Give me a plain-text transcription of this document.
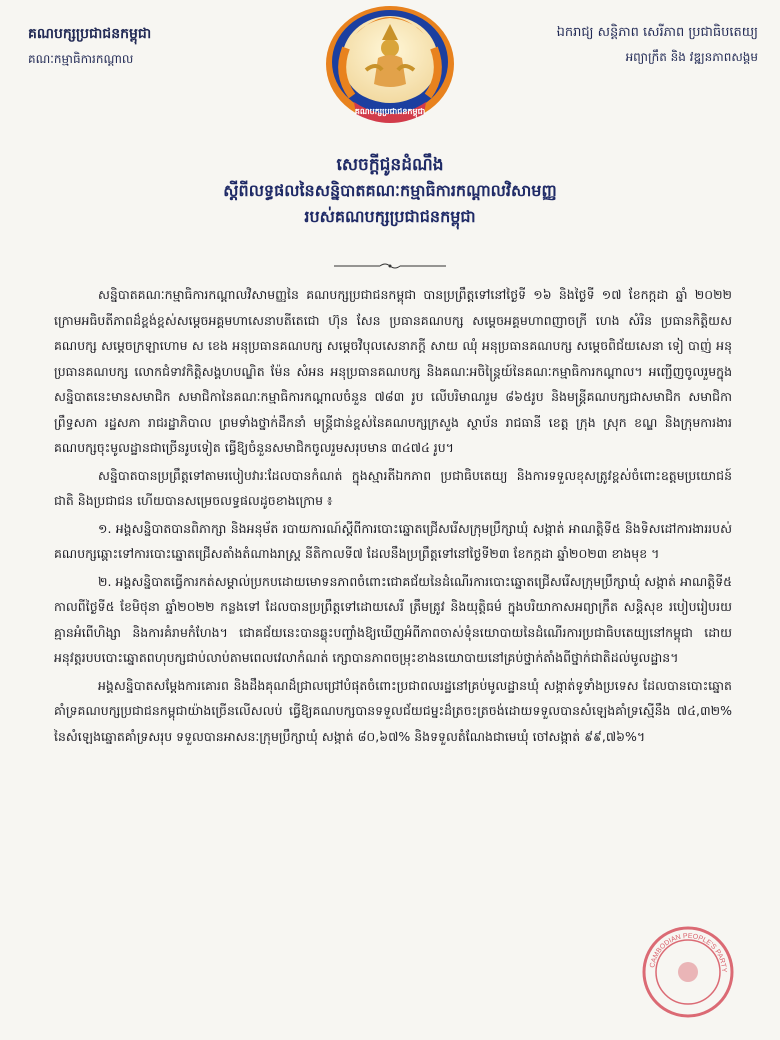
គណបក្សប្រជាជនកម្ពុជា
គណៈកម្មាធិការកណ្តាល
គណបក្សប្រជាជនកម្ពុជា
ឯករាជ្យ សន្តិភាព សេរីភាព ប្រជាធិបតេយ្យ
អព្យាក្រឹត និង វឌ្ឍនភាពសង្គម
សេចក្តីជូនដំណឹង
ស្តីពីលទ្ធផលនៃសន្និបាតគណៈកម្មាធិការកណ្តាលវិសាមញ្ញ
របស់គណបក្សប្រជាជនកម្ពុជា

សន្និបាតគណៈកម្មាធិការកណ្តាលវិសាមញ្ញនៃ គណបក្សប្រជាជនកម្ពុជា បានប្រព្រឹត្តទៅនៅថ្ងៃទី ១៦ និងថ្ងៃទី ១៧ ខែកក្កដា ឆ្នាំ ២០២២ ក្រោមអធិបតីភាពដ៏ខ្ពង់ខ្ពស់សម្តេចអគ្គមហាសេនាបតីតេជោ ហ៊ុន សែន ប្រធានគណបក្ស សម្តេចអគ្គមហាពញាចក្រី ហេង សំរិន ប្រធានកិត្តិយសគណបក្ស សម្តេចក្រឡាហោម ស ខេង អនុប្រធានគណបក្ស សម្តេចវិបុលសេនាភក្តី សាយ ឈុំ អនុប្រធានគណបក្ស សម្តេចពិជ័យសេនា ទៀ បាញ់ អនុប្រធានគណបក្ស លោកជំទាវកិត្តិសង្គហបណ្ឌិត ម៉ែន សំអន អនុប្រធានគណបក្ស និងគណៈអចិន្ត្រៃយ៍នៃគណៈកម្មាធិការកណ្តាល។ អញ្ជើញចូលរួមក្នុងសន្និបាតនេះមានសមាជិក សមាជិកានៃគណៈកម្មាធិការកណ្តាលចំនួន ៧៨៣ រូប លើបរិមាណរួម ៨៦៥រូប និងមន្ត្រីគណបក្សជាសមាជិក សមាជិកាព្រឹទ្ធសភា រដ្ឋសភា រាជរដ្ឋាភិបាល ព្រមទាំងថ្នាក់ដឹកនាំ មន្ត្រីជាន់ខ្ពស់នៃគណបក្សក្រសួង ស្ថាប័ន រាជធានី ខេត្ត ក្រុង ស្រុក ខណ្ឌ និងក្រុមការងារគណបក្សចុះមូលដ្ឋានជាច្រើនរូបទៀត ធ្វើឱ្យចំនួនសមាជិកចូលរួមសរុបមាន ៣៤៧៤ រូប។

សន្និបាតបានប្រព្រឹត្តទៅតាមរបៀបវារៈដែលបានកំណត់ ក្នុងស្មារតីឯកភាព ប្រជាធិបតេយ្យ និងការទទួលខុសត្រូវខ្ពស់ចំពោះឧត្តមប្រយោជន៍ជាតិ និងប្រជាជន ហើយបានសម្រេចលទ្ធផលដូចខាងក្រោម ៖

១. អង្គសន្និបាតបានពិភាក្សា និងអនុម័ត របាយការណ៍ស្តីពីការបោះឆ្នោតជ្រើសរើសក្រុមប្រឹក្សាឃុំ សង្កាត់ អាណត្តិទី៥ និងទិសដៅការងាររបស់គណបក្សឆ្ពោះទៅការបោះឆ្នោតជ្រើសតាំងតំណាងរាស្ត្រ នីតិកាលទី៧ ដែលនឹងប្រព្រឹត្តទៅនៅថ្ងៃទី២៣ ខែកក្កដា ឆ្នាំ២០២៣ ខាងមុខ ។

២. អង្គសន្និបាតធ្វើការកត់សម្គាល់ប្រកបដោយមោទនភាពចំពោះជោគជ័យនៃដំណើរការបោះឆ្នោតជ្រើសរើសក្រុមប្រឹក្សាឃុំ សង្កាត់ អាណត្តិទី៥ កាលពីថ្ងៃទី៥ ខែមិថុនា ឆ្នាំ២០២២ កន្លងទៅ ដែលបានប្រព្រឹត្តទៅដោយសេរី ត្រឹមត្រូវ និងយុត្តិធម៌ ក្នុងបរិយាកាសអព្យាក្រឹត សន្តិសុខ របៀបរៀបរយ គ្មានអំពើហិង្សា និងការគំរាមកំហែង។ ជោគជ័យនេះបានឆ្លុះបញ្ចាំងឱ្យឃើញអំពីភាពចាស់ទុំនយោបាយនៃដំណើរការប្រជាធិបតេយ្យនៅកម្ពុជា ដោយអនុវត្តរបបបោះឆ្នោតពហុបក្សជាប់លាប់តាមពេលវេលាកំណត់ ក្សោបានភាពចម្រុះខាងនយោបាយនៅគ្រប់ថ្នាក់តាំងពីថ្នាក់ជាតិដល់មូលដ្ឋាន។

អង្គសន្និបាតសម្តែងការគោរព និងដឹងគុណដ៏ជ្រាលជ្រៅបំផុតចំពោះប្រជាពលរដ្ឋនៅគ្រប់មូលដ្ឋានឃុំ សង្កាត់ទូទាំងប្រទេស ដែលបានបោះឆ្នោតគាំទ្រគណបក្សប្រជាជនកម្ពុជាយ៉ាងច្រើនលើសលប់ ធ្វើឱ្យគណបក្សបានទទួលជ័យជម្នះដ៏ត្រចះត្រចង់ដោយទទួលបានសំឡេងគាំទ្រស្មើនឹង ៧៤,៣២% នៃសំឡេងឆ្នោតគាំទ្រសរុប ទទួលបានអាសនៈក្រុមប្រឹក្សាឃុំ សង្កាត់ ៨០,៦៧% និងទទួលតំណែងជាមេឃុំ ចៅសង្កាត់ ៩៩,៧៦%។

CAMBODIAN PEOPLE'S PARTY
